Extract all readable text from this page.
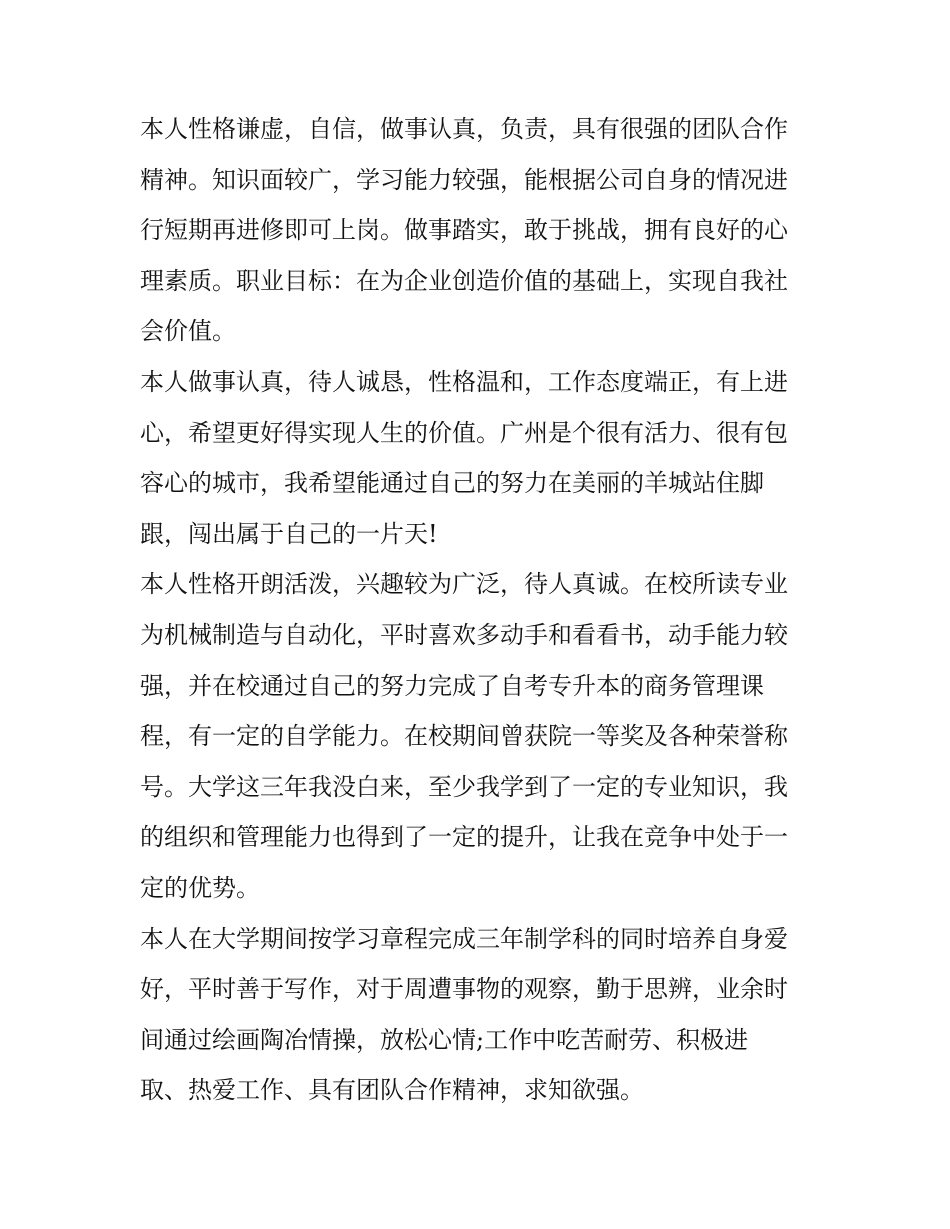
本人性格谦虚，自信，做事认真，负责，具有很强的团队合作
精神。知识面较广，学习能力较强，能根据公司自身的情况进
行短期再进修即可上岗。做事踏实，敢于挑战，拥有良好的心
理素质。职业目标：在为企业创造价值的基础上，实现自我社
会价值。
本人做事认真，待人诚恳，性格温和，工作态度端正，有上进
心，希望更好得实现人生的价值。广州是个很有活力、很有包
容心的城市，我希望能通过自己的努力在美丽的羊城站住脚
跟，闯出属于自己的一片天!
本人性格开朗活泼，兴趣较为广泛，待人真诚。在校所读专业
为机械制造与自动化，平时喜欢多动手和看看书，动手能力较
强，并在校通过自己的努力完成了自考专升本的商务管理课
程，有一定的自学能力。在校期间曾获院一等奖及各种荣誉称
号。大学这三年我没白来，至少我学到了一定的专业知识，我
的组织和管理能力也得到了一定的提升，让我在竞争中处于一
定的优势。
本人在大学期间按学习章程完成三年制学科的同时培养自身爱
好，平时善于写作，对于周遭事物的观察，勤于思辨，业余时
间通过绘画陶冶情操，放松心情;工作中吃苦耐劳、积极进
取、热爱工作、具有团队合作精神，求知欲强。
